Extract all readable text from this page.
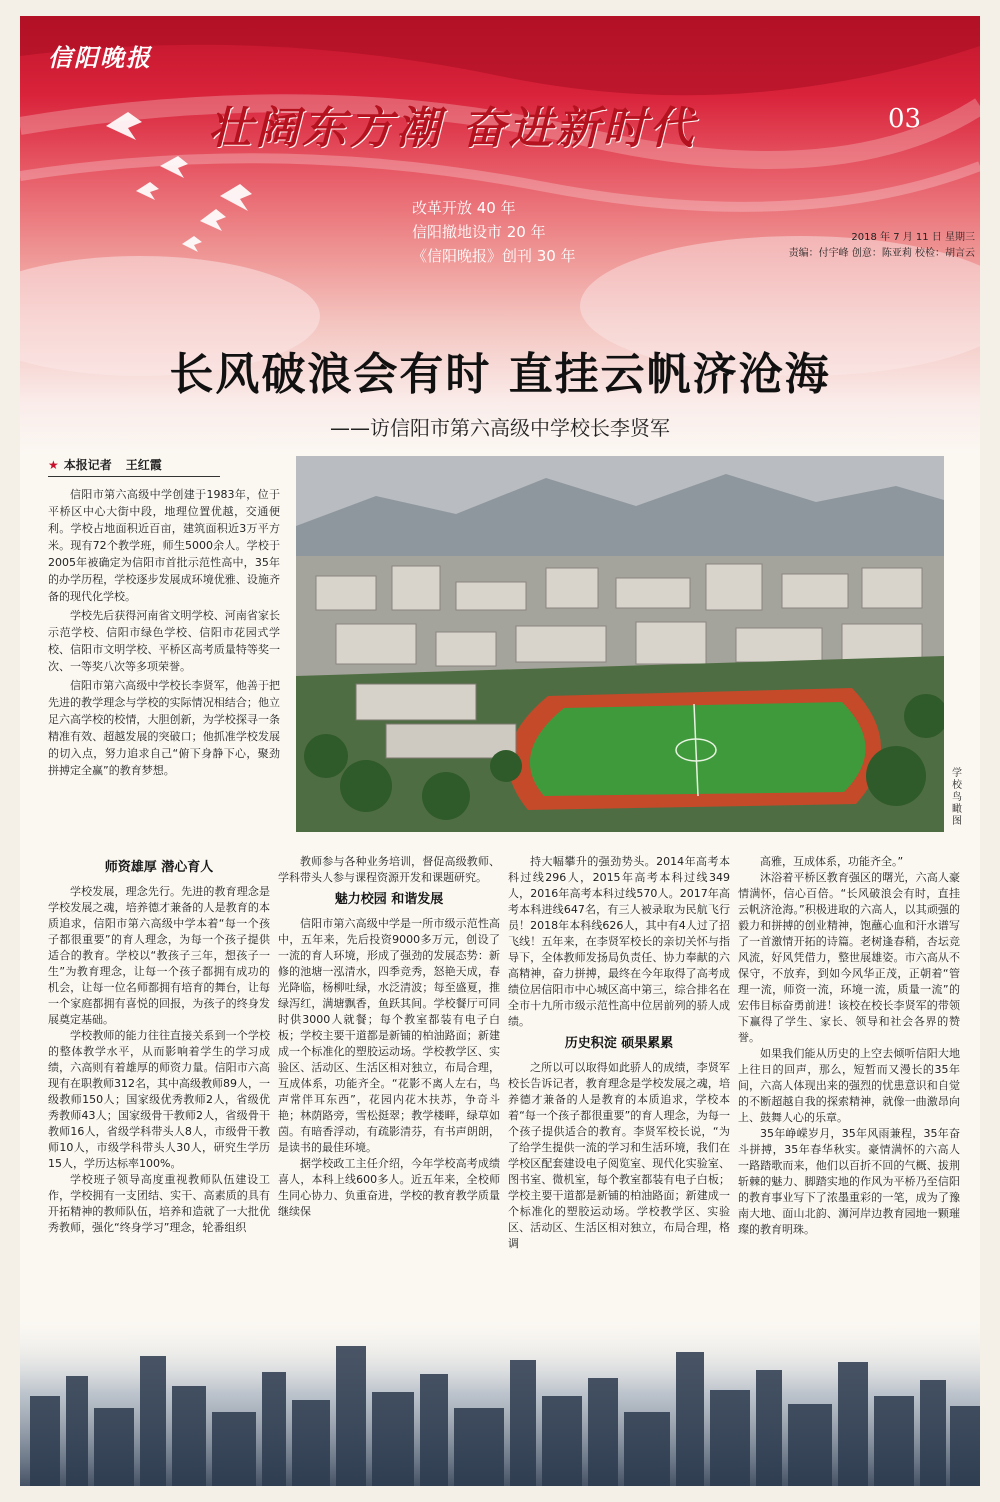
信阳晚报
壮阔东方潮 奋进新时代	03
改革开放 40 年
信阳撤地设市 20 年
《信阳晚报》创刊 30 年
2018 年 7 月 11 日 星期三
责编：付宇峰 创意：陈亚莉 校检：胡言云
长风破浪会有时 直挂云帆济沧海
——访信阳市第六高级中学校长李贤军
★ 本报记者 王红霞

信阳市第六高级中学创建于1983年，位于平桥区中心大街中段，地理位置优越，交通便利。学校占地面积近百亩，建筑面积近3万平方米。现有72个教学班，师生5000余人。学校于2005年被确定为信阳市首批示范性高中，35年的办学历程，学校逐步发展成环境优雅、设施齐备的现代化学校。

学校先后获得河南省文明学校、河南省家长示范学校、信阳市绿色学校、信阳市花园式学校、信阳市文明学校、平桥区高考质量特等奖一次、一等奖八次等多项荣誉。

信阳市第六高级中学校长李贤军，他善于把先进的教学理念与学校的实际情况相结合；他立足六高学校的校情，大胆创新，为学校探寻一条精准有效、超越发展的突破口；他抓准学校发展的切入点，努力追求自己“俯下身静下心，聚劲拼搏定全赢”的教育梦想。	学校鸟瞰图
师资雄厚 潜心育人

学校发展，理念先行。先进的教育理念是学校发展之魂，培养德才兼备的人是教育的本质追求，信阳市第六高级中学本着“每一个孩子都很重要”的育人理念，为每一个孩子提供适合的教育。学校以“教孩子三年，想孩子一生”为教育理念，让每一个孩子都拥有成功的机会，让每一位名师都拥有培育的舞台，让每一个家庭都拥有喜悦的回报，为孩子的终身发展奠定基础。

学校教师的能力往往直接关系到一个学校的整体教学水平，从而影响着学生的学习成绩，六高则有着雄厚的师资力量。信阳市六高现有在职教师312名，其中高级教师89人，一级教师150人；国家级优秀教师2人，省级优秀教师43人；国家级骨干教师2人，省级骨干教师16人，省级学科带头人8人，市级骨干教师10人，市级学科带头人30人，研究生学历15人，学历达标率100%。

学校班子领导高度重视教师队伍建设工作，学校拥有一支团结、实干、高素质的具有开拓精神的教师队伍，培养和造就了一大批优秀教师，强化“终身学习”理念，轮番组织

教师参与各种业务培训，督促高级教师、学科带头人参与课程资源开发和课题研究。

魅力校园 和谐发展

信阳市第六高级中学是一所市级示范性高中，五年来，先后投资9000多万元，创设了一流的育人环境，形成了强劲的发展态势：新修的池塘一泓清水，四季竞秀，怒艳天成，春光降临，杨柳吐绿，水泛清波；每至盛夏，推绿泻红，满塘飘香，鱼跃其间。学校餐厅可同时供3000人就餐；每个教室都装有电子白板；学校主要干道都是新铺的柏油路面；新建成一个标准化的塑胶运动场。学校教学区、实验区、活动区、生活区相对独立，布局合理，互成体系，功能齐全。“花影不离人左右，鸟声常伴耳东西”，花园内花木扶苏，争奇斗艳；林荫路旁，雪松挺翠；教学楼畔，绿草如茵。有暗香浮动，有疏影清芬，有书声朗朗，是读书的最佳环境。

据学校政工主任介绍，今年学校高考成绩喜人，本科上线600多人。近五年来，全校师生同心协力、负重奋进，学校的教育教学质量继续保

持大幅攀升的强劲势头。2014年高考本科过线296人，2015年高考本科过线349人，2016年高考本科过线570人。2017年高考本科进线647名，有三人被录取为民航飞行员！2018年本科线626人，其中有4人过了招飞线！五年来，在李贤军校长的亲切关怀与指导下，全体教师发扬局负责任、协力奉献的六高精神，奋力拼搏，最终在今年取得了高考成绩位居信阳市中心城区高中第三，综合排名在全市十九所市级示范性高中位居前列的骄人成绩。

历史积淀 硕果累累

之所以可以取得如此骄人的成绩，李贤军校长告诉记者，教育理念是学校发展之魂，培养德才兼备的人是教育的本质追求，学校本着“每一个孩子都很重要”的育人理念，为每一个孩子提供适合的教育。李贤军校长说，“为了给学生提供一流的学习和生活环境，我们在学校区配套建设电子阅览室、现代化实验室、图书室、微机室，每个教室都装有电子白板；学校主要干道都是新铺的柏油路面；新建成一个标准化的塑胶运动场。学校教学区、实验区、活动区、生活区相对独立，布局合理，格调

高雅，互成体系，功能齐全。”

沐浴着平桥区教育强区的曙光，六高人豪情满怀，信心百倍。“长风破浪会有时，直挂云帆济沧海。”积极进取的六高人，以其顽强的毅力和拼搏的创业精神，饱蘸心血和汗水谱写了一首激情开拓的诗篇。老树逢春稍，杏坛竞风流，好风凭借力，整世展雄姿。市六高从不保守，不放弃，到如今风华正茂，正朝着“管理一流，师资一流，环境一流，质量一流”的宏伟目标奋勇前进！该校在校长李贤军的带领下赢得了学生、家长、领导和社会各界的赞誉。

如果我们能从历史的上空去倾听信阳大地上往日的回声，那么，短暂而又漫长的35年间，六高人体现出来的强烈的忧患意识和自觉的不断超越自我的探索精神，就像一曲激昂向上、鼓舞人心的乐章。

35年峥嵘岁月，35年风雨兼程，35年奋斗拼搏，35年春华秋实。豪情满怀的六高人一路踏歌而来，他们以百折不回的气概、拔荆斩棘的魅力、脚踏实地的作风为平桥乃至信阳的教育事业写下了浓墨重彩的一笔，成为了豫南大地、面山北韵、浉河岸边教育园地一颗璀璨的教育明珠。
